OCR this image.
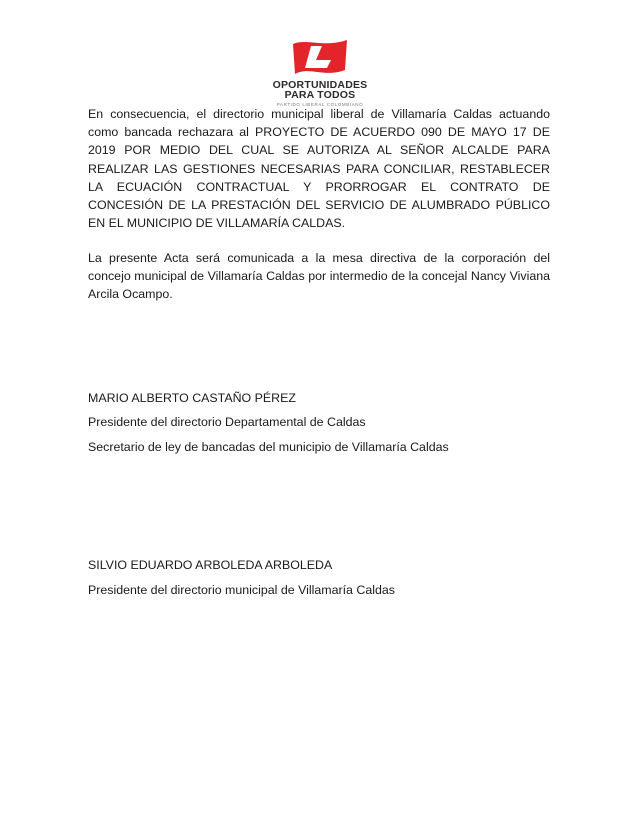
OPORTUNIDADES
PARA TODOS
PARTIDO LIBERAL COLOMBIANO

En consecuencia, el directorio municipal liberal de Villamaría Caldas actuando como bancada rechazara al PROYECTO DE ACUERDO 090 DE MAYO 17 DE 2019 POR MEDIO DEL CUAL SE AUTORIZA AL SEÑOR ALCALDE PARA REALIZAR LAS GESTIONES NECESARIAS PARA CONCILIAR, RESTABLECER LA ECUACIÓN CONTRACTUAL Y PRORROGAR EL CONTRATO DE CONCESIÓN DE LA PRESTACIÓN DEL SERVICIO DE ALUMBRADO PÚBLICO EN EL MUNICIPIO DE VILLAMARÍA CALDAS.

La presente Acta será comunicada a la mesa directiva de la corporación del concejo municipal de Villamaría Caldas por intermedio de la concejal Nancy Viviana Arcila Ocampo.

MARIO ALBERTO CASTAÑO PÉREZ
Presidente del directorio Departamental de Caldas
Secretario de ley de bancadas del municipio de Villamaría Caldas
SILVIO EDUARDO ARBOLEDA ARBOLEDA
Presidente del directorio municipal de Villamaría Caldas
